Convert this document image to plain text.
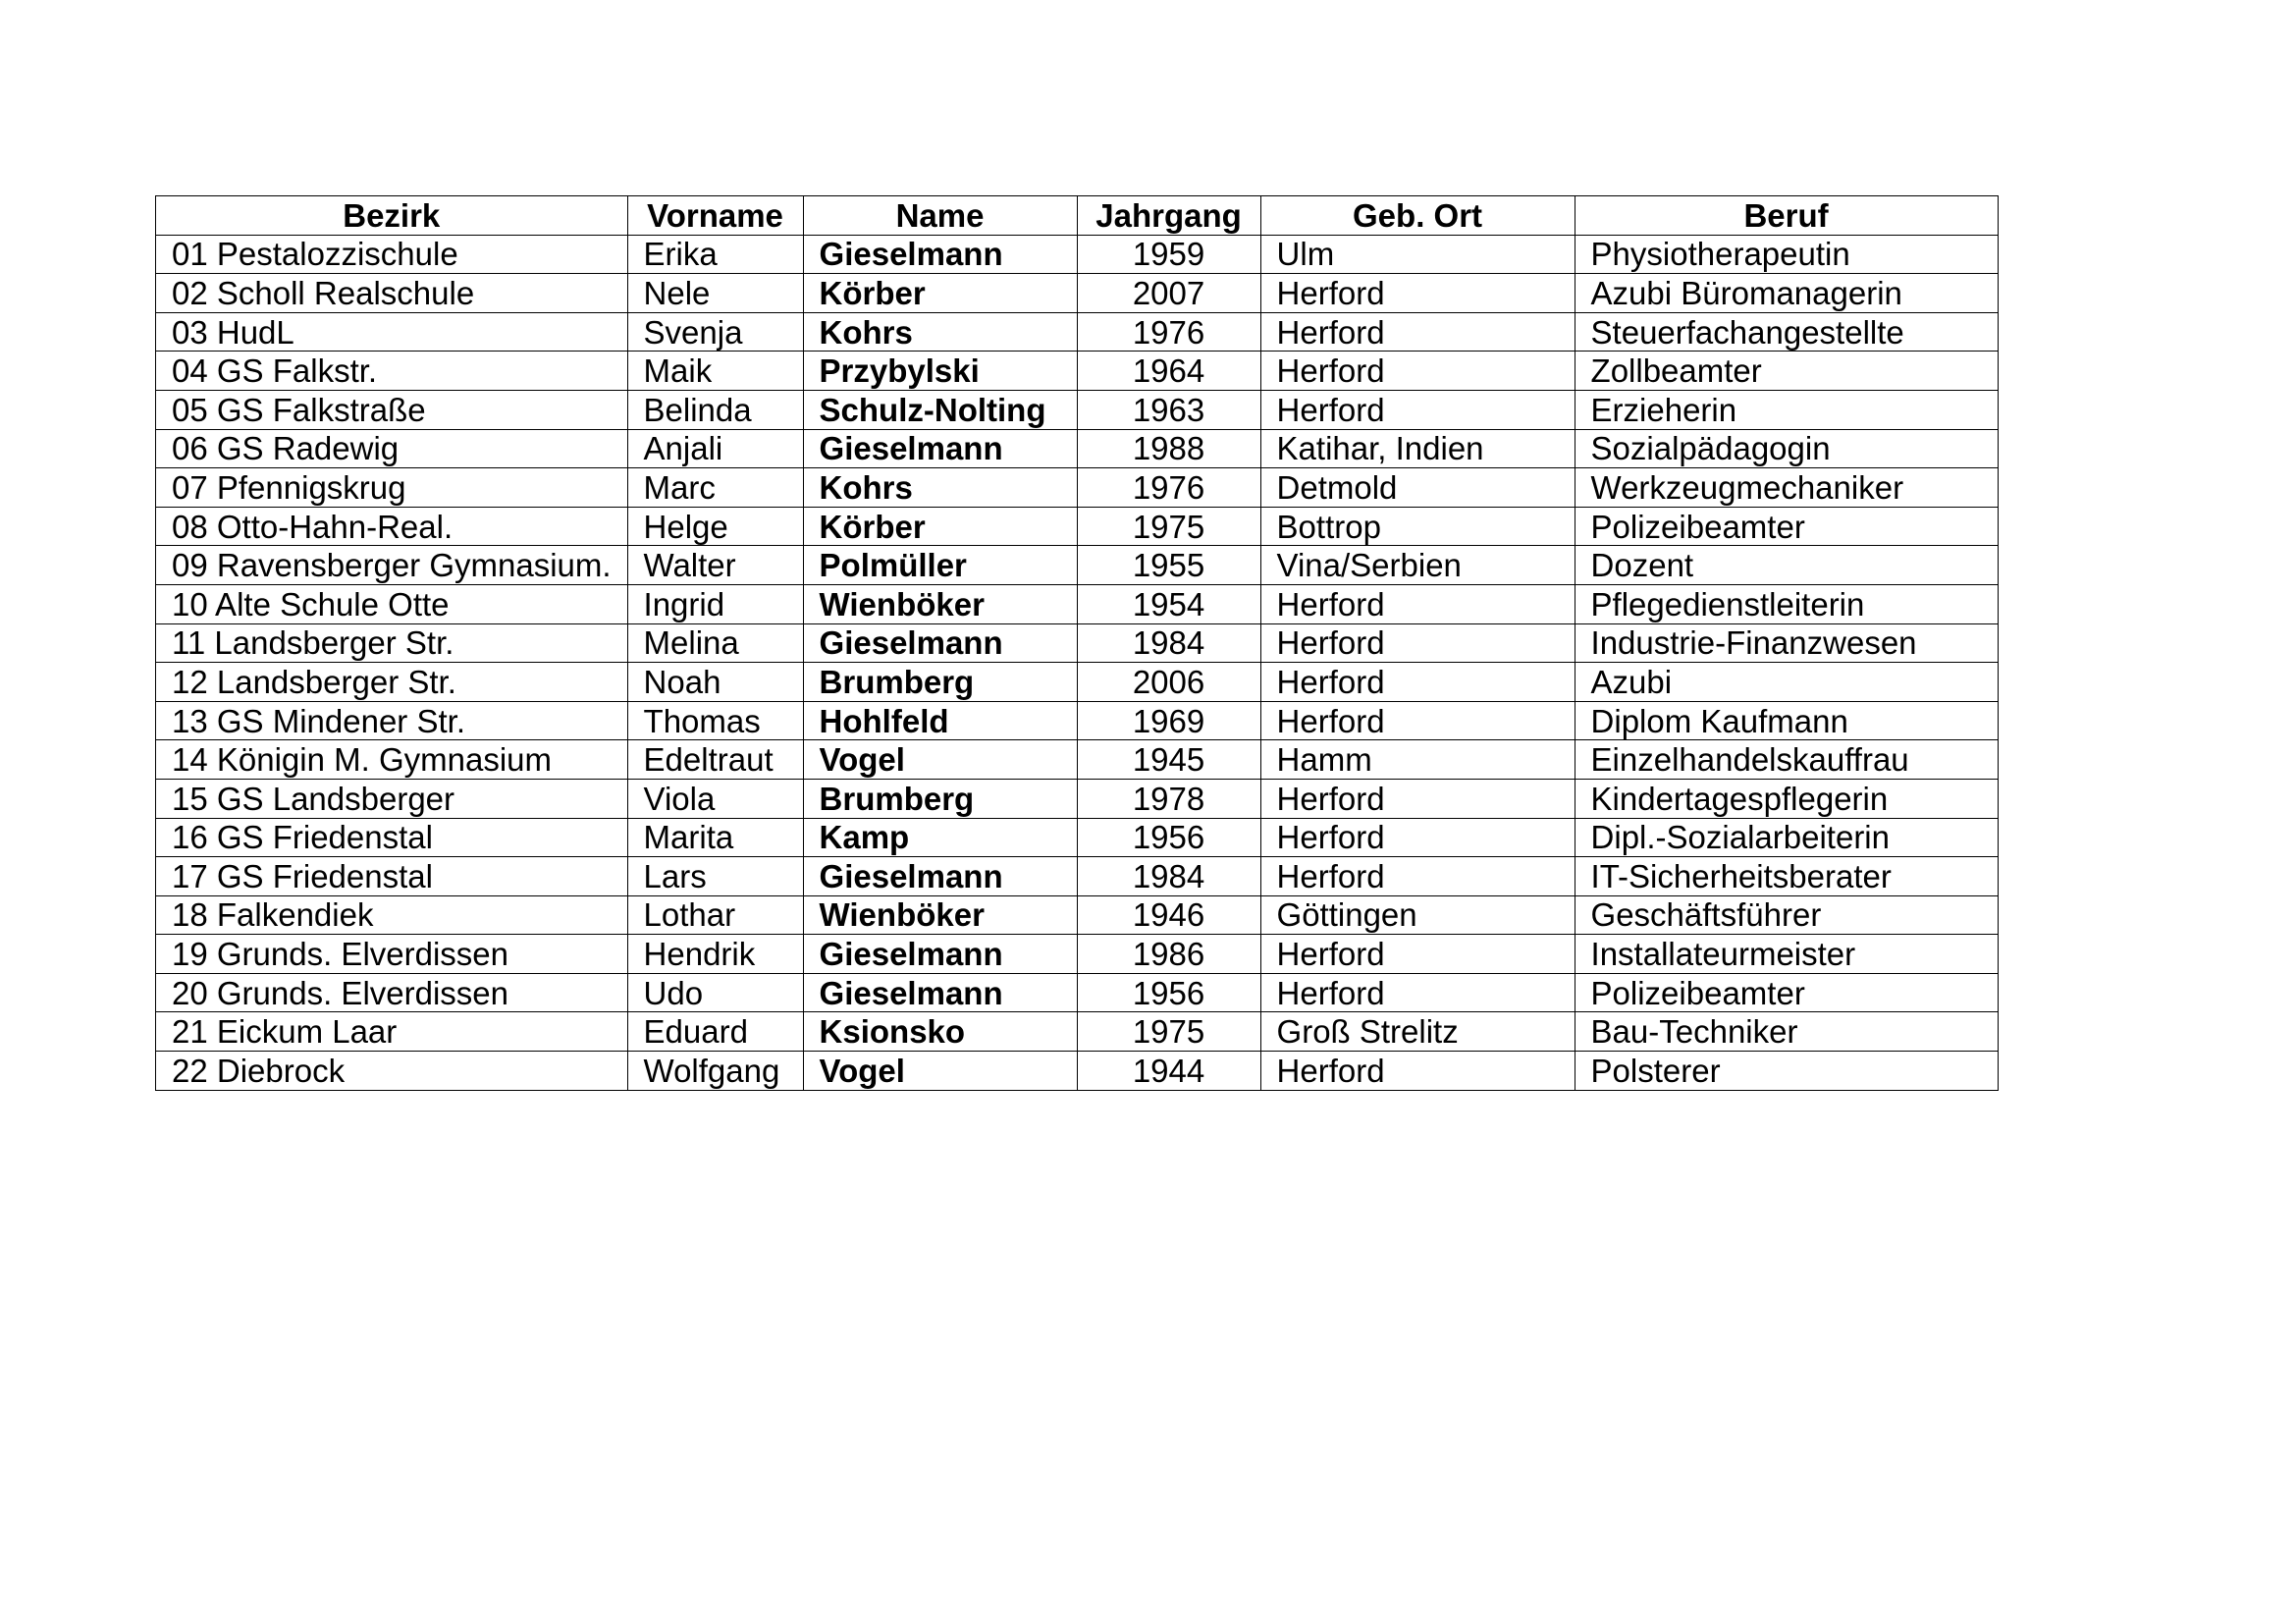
Bezirk	Vorname	Name	Jahrgang	Geb. Ort	Beruf
01 Pestalozzischule	Erika	Gieselmann	1959	Ulm	Physiotherapeutin
02 Scholl Realschule	Nele	Körber	2007	Herford	Azubi Büromanagerin
03 HudL	Svenja	Kohrs	1976	Herford	Steuerfachangestellte
04 GS Falkstr.	Maik	Przybylski	1964	Herford	Zollbeamter
05 GS Falkstraße	Belinda	Schulz-Nolting	1963	Herford	Erzieherin
06 GS Radewig	Anjali	Gieselmann	1988	Katihar, Indien	Sozialpädagogin
07 Pfennigskrug	Marc	Kohrs	1976	Detmold	Werkzeugmechaniker
08 Otto-Hahn-Real.	Helge	Körber	1975	Bottrop	Polizeibeamter
09 Ravensberger Gymnasium.	Walter	Polmüller	1955	Vina/Serbien	Dozent
10 Alte Schule Otte	Ingrid	Wienböker	1954	Herford	Pflegedienstleiterin
11 Landsberger Str.	Melina	Gieselmann	1984	Herford	Industrie-Finanzwesen
12 Landsberger Str.	Noah	Brumberg	2006	Herford	Azubi
13 GS Mindener Str.	Thomas	Hohlfeld	1969	Herford	Diplom Kaufmann
14 Königin M. Gymnasium	Edeltraut	Vogel	1945	Hamm	Einzelhandelskauffrau
15 GS Landsberger	Viola	Brumberg	1978	Herford	Kindertagespflegerin
16 GS Friedenstal	Marita	Kamp	1956	Herford	Dipl.-Sozialarbeiterin
17 GS Friedenstal	Lars	Gieselmann	1984	Herford	IT-Sicherheitsberater
18 Falkendiek	Lothar	Wienböker	1946	Göttingen	Geschäftsführer
19 Grunds. Elverdissen	Hendrik	Gieselmann	1986	Herford	Installateurmeister
20 Grunds. Elverdissen	Udo	Gieselmann	1956	Herford	Polizeibeamter
21 Eickum Laar	Eduard	Ksionsko	1975	Groß Strelitz	Bau-Techniker
22 Diebrock	Wolfgang	Vogel	1944	Herford	Polsterer
